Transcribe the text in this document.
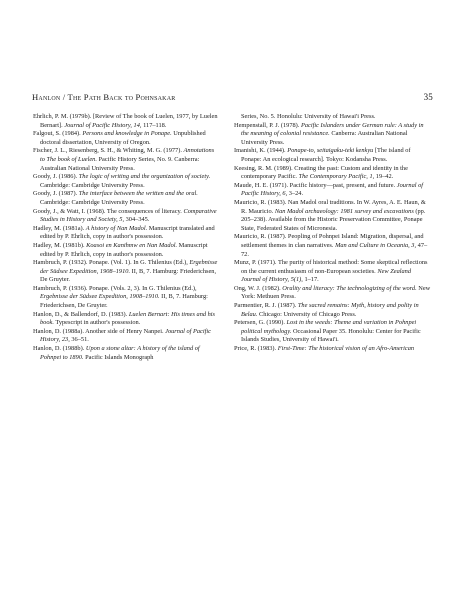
Hanlon / The Path Back to Pohnsakar	35

Ehrlich, P. M. (1979b). [Review of The book of Luelen, 1977, by Luelen Bernart]. Journal of Pacific History, 14, 117–118.

Falgout, S. (1984). Persons and knowledge in Ponape. Unpublished doctoral dissertation, University of Oregon.

Fischer, J. L., Riesenberg, S. H., & Whiting, M. G. (1977). Annotations to The book of Luelen. Pacific History Series, No. 9. Canberra: Australian National University Press.

Goody, J. (1986). The logic of writing and the organization of society. Cambridge: Cambridge University Press.

Goody, J. (1987). The interface between the written and the oral. Cambridge: Cambridge University Press.

Goody, J., & Watt, I. (1968). The consequences of literacy. Comparative Studies in History and Society, 5, 304–345.

Hadley, M. (1981a). A history of Nan Madol. Manuscript translated and edited by P. Ehrlich, copy in author's possession.

Hadley, M. (1981b). Koasoi en Kanihmw en Nan Madol. Manuscript edited by P. Ehrlich, copy in author's possession.

Hambruch, P. (1932). Ponape. (Vol. 1). In G. Thilenius (Ed.), Ergebnisse der Südsee Expedition, 1908–1910. II, B, 7. Hamburg: Friederichsen, De Gruyter.

Hambruch, P. (1936). Ponape. (Vols. 2, 3). In G. Thilenius (Ed.), Ergebnisse der Südsee Expedition, 1908–1910. II, B, 7. Hamburg: Friederichsen, De Gruyter.

Hanlon, D., & Ballendorf, D. (1983). Luelen Bernart: His times and his book. Typescript in author's possession.

Hanlon, D. (1988a). Another side of Henry Nanpei. Journal of Pacific History, 23, 36–51.

Hanlon, D. (1988b). Upon a stone altar: A history of the island of Pohnpei to 1890. Pacific Islands Monograph

Series, No. 5. Honolulu: University of Hawai'i Press.

Hempenstall, P. J. (1978). Pacific Islanders under German rule: A study in the meaning of colonial resistance. Canberra: Australian National University Press.

Imanishi, K. (1944). Ponape-to, seitaigaku-teki kenkyu [The island of Ponape: An ecological research]. Tokyo: Kodansha Press.

Keesing, R. M. (1989). Creating the past: Custom and identity in the contemporary Pacific. The Contemporary Pacific, 1, 19–42.

Maude, H. E. (1971). Pacific history—past, present, and future. Journal of Pacific History, 6, 3–24.

Mauricio, R. (1983). Nan Madol oral traditions. In W. Ayres, A. E. Haun, & R. Mauricio. Nan Madol archaeology: 1981 survey and excavations (pp. 205–238). Available from the Historic Preservation Committee, Ponape State, Federated States of Micronesia.

Mauricio, R. (1987). Peopling of Pohnpei Island: Migration, dispersal, and settlement themes in clan narratives. Man and Culture in Oceania, 3, 47–72.

Munz, P. (1971). The purity of historical method: Some skeptical reflections on the current enthusiasm of non-European societies. New Zealand Journal of History, 5(1), 1–17.

Ong, W. J. (1982). Orality and literacy: The technologizing of the word. New York: Methuen Press.

Parmentier, R. J. (1987). The sacred remains: Myth, history and polity in Belau. Chicago: University of Chicago Press.

Petersen, G. (1990). Lost in the weeds: Theme and variation in Pohnpei political mythology. Occasional Paper 35. Honolulu: Center for Pacific Islands Studies, University of Hawai'i.

Price, R. (1983). First-Time: The historical vision of an Afro-American
